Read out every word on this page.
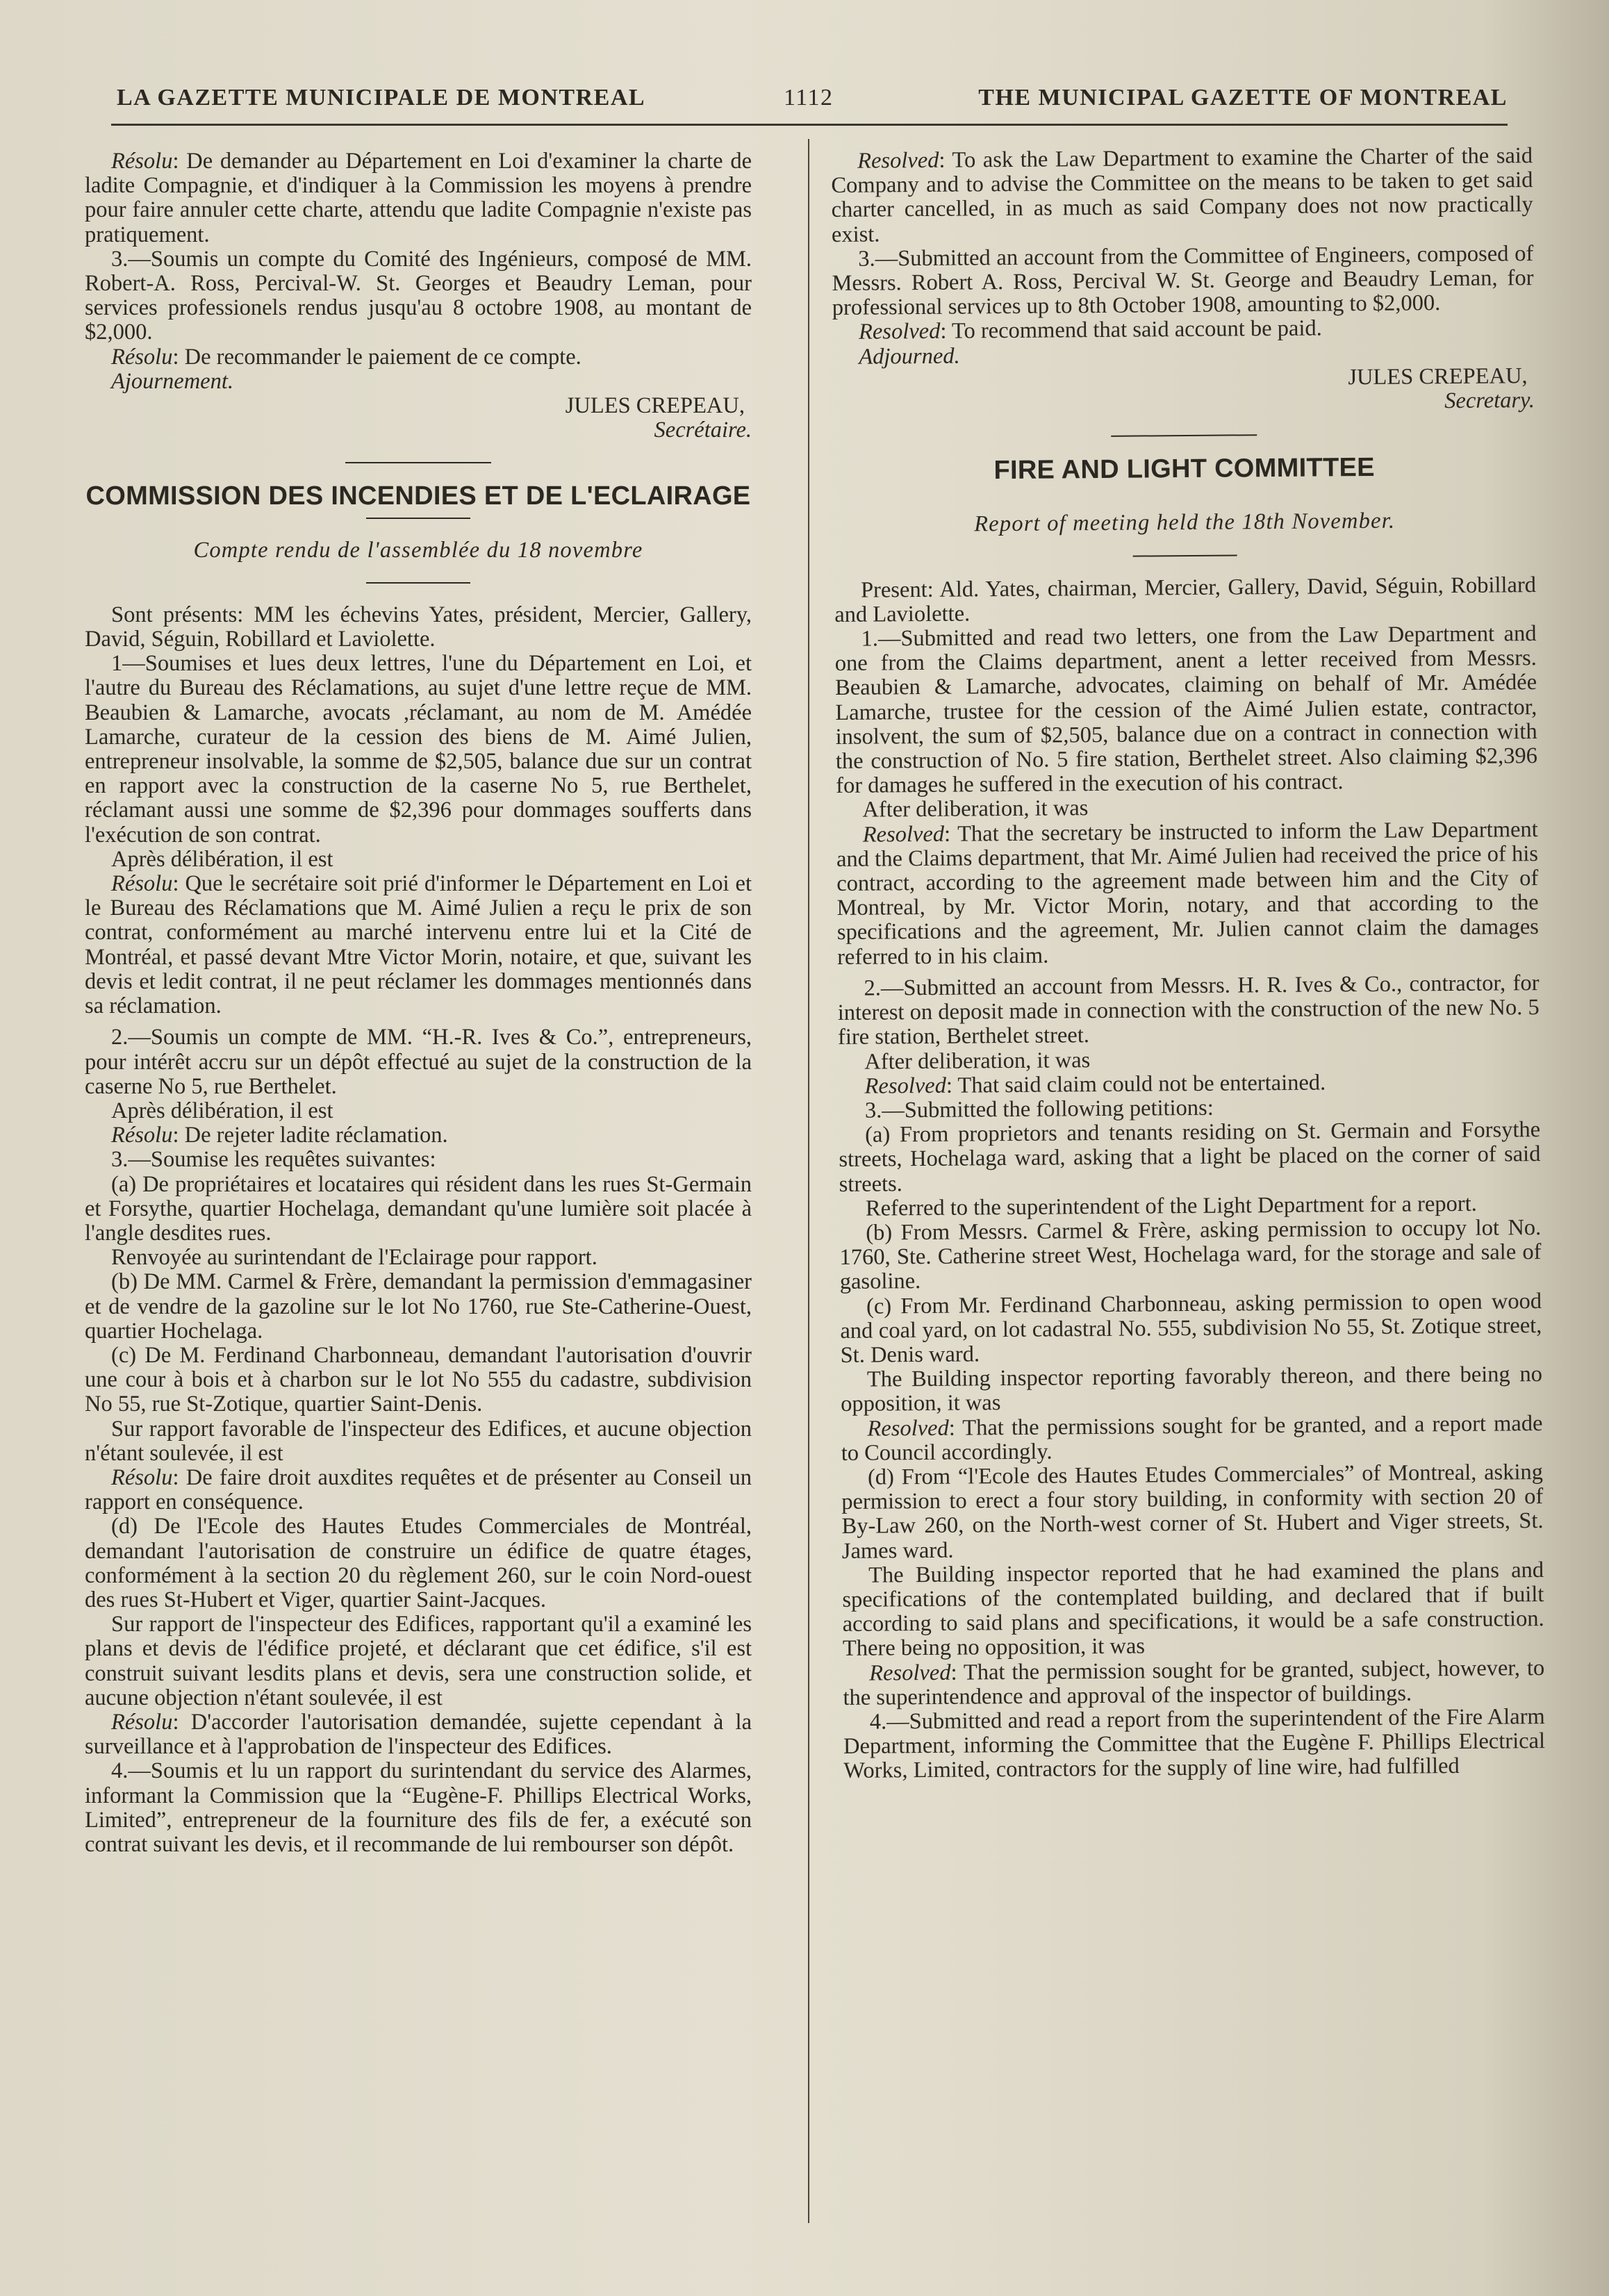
LA GAZETTE MUNICIPALE DE MONTREAL	1112	THE MUNICIPAL GAZETTE OF MONTREAL

Résolu: De demander au Département en Loi d'examiner la charte de ladite Compagnie, et d'indiquer à la Commission les moyens à prendre pour faire annuler cette charte, attendu que ladite Compagnie n'existe pas pratiquement.

3.—Soumis un compte du Comité des Ingénieurs, composé de MM. Robert-A. Ross, Percival-W. St. Georges et Beaudry Leman, pour services professionels rendus jusqu'au 8 octobre 1908, au montant de $2,000.

Résolu: De recommander le paiement de ce compte.

Ajournement.

JULES CREPEAU,

Secrétaire.

COMMISSION DES INCENDIES ET DE L'ECLAIRAGE
Compte rendu de l'assemblée du 18 novembre

Sont présents: MM les échevins Yates, président, Mercier, Gallery, David, Séguin, Robillard et Laviolette.

1—Soumises et lues deux lettres, l'une du Département en Loi, et l'autre du Bureau des Réclamations, au sujet d'une lettre reçue de MM. Beaubien & Lamarche, avocats ,réclamant, au nom de M. Amédée Lamarche, curateur de la cession des biens de M. Aimé Julien, entrepreneur insolvable, la somme de $2,505, balance due sur un contrat en rapport avec la construction de la caserne No 5, rue Berthelet, réclamant aussi une somme de $2,396 pour dommages soufferts dans l'exécution de son contrat.

Après délibération, il est

Résolu: Que le secrétaire soit prié d'informer le Département en Loi et le Bureau des Réclamations que M. Aimé Julien a reçu le prix de son contrat, conformément au marché intervenu entre lui et la Cité de Montréal, et passé devant Mtre Victor Morin, notaire, et que, suivant les devis et ledit contrat, il ne peut réclamer les dommages mentionnés dans sa réclamation.

2.—Soumis un compte de MM. “H.-R. Ives & Co.”, entrepreneurs, pour intérêt accru sur un dépôt effectué au sujet de la construction de la caserne No 5, rue Berthelet.

Après délibération, il est

Résolu: De rejeter ladite réclamation.

3.—Soumise les requêtes suivantes:

(a) De propriétaires et locataires qui résident dans les rues St-Germain et Forsythe, quartier Hochelaga, demandant qu'une lumière soit placée à l'angle desdites rues.

Renvoyée au surintendant de l'Eclairage pour rapport.

(b) De MM. Carmel & Frère, demandant la permission d'emmagasiner et de vendre de la gazoline sur le lot No 1760, rue Ste-Catherine-Ouest, quartier Hochelaga.

(c) De M. Ferdinand Charbonneau, demandant l'autorisation d'ouvrir une cour à bois et à charbon sur le lot No 555 du cadastre, subdivision No 55, rue St-Zotique, quartier Saint-Denis.

Sur rapport favorable de l'inspecteur des Edifices, et aucune objection n'étant soulevée, il est

Résolu: De faire droit auxdites requêtes et de présenter au Conseil un rapport en conséquence.

(d) De l'Ecole des Hautes Etudes Commerciales de Montréal, demandant l'autorisation de construire un édifice de quatre étages, conformément à la section 20 du règlement 260, sur le coin Nord-ouest des rues St-Hubert et Viger, quartier Saint-Jacques.

Sur rapport de l'inspecteur des Edifices, rapportant qu'il a examiné les plans et devis de l'édifice projeté, et déclarant que cet édifice, s'il est construit suivant lesdits plans et devis, sera une construction solide, et aucune objection n'étant soulevée, il est

Résolu: D'accorder l'autorisation demandée, sujette cependant à la surveillance et à l'approbation de l'inspecteur des Edifices.

4.—Soumis et lu un rapport du surintendant du service des Alarmes, informant la Commission que la “Eugène-F. Phillips Electrical Works, Limited”, entrepreneur de la fourniture des fils de fer, a exécuté son contrat suivant les devis, et il recommande de lui rembourser son dépôt.

Resolved: To ask the Law Department to examine the Charter of the said Company and to advise the Committee on the means to be taken to get said charter cancelled, in as much as said Company does not now practically exist.

3.—Submitted an account from the Committee of Engineers, composed of Messrs. Robert A. Ross, Percival W. St. George and Beaudry Leman, for professional services up to 8th October 1908, amounting to $2,000.

Resolved: To recommend that said account be paid.

Adjourned.

JULES CREPEAU,

Secretary.

FIRE AND LIGHT COMMITTEE
Report of meeting held the 18th November.

Present: Ald. Yates, chairman, Mercier, Gallery, David, Séguin, Robillard and Laviolette.

1.—Submitted and read two letters, one from the Law Department and one from the Claims department, anent a letter received from Messrs. Beaubien & Lamarche, advocates, claiming on behalf of Mr. Amédée Lamarche, trustee for the cession of the Aimé Julien estate, contractor, insolvent, the sum of $2,505, balance due on a contract in connection with the construction of No. 5 fire station, Berthelet street. Also claiming $2,396 for damages he suffered in the execution of his contract.

After deliberation, it was

Resolved: That the secretary be instructed to inform the Law Department and the Claims department, that Mr. Aimé Julien had received the price of his contract, according to the agreement made between him and the City of Montreal, by Mr. Victor Morin, notary, and that according to the specifications and the agreement, Mr. Julien cannot claim the damages referred to in his claim.

2.—Submitted an account from Messrs. H. R. Ives & Co., contractor, for interest on deposit made in connection with the construction of the new No. 5 fire station, Berthelet street.

After deliberation, it was

Resolved: That said claim could not be entertained.

3.—Submitted the following petitions:

(a) From proprietors and tenants residing on St. Germain and Forsythe streets, Hochelaga ward, asking that a light be placed on the corner of said streets.

Referred to the superintendent of the Light Department for a report.

(b) From Messrs. Carmel & Frère, asking permission to occupy lot No. 1760, Ste. Catherine street West, Hochelaga ward, for the storage and sale of gasoline.

(c) From Mr. Ferdinand Charbonneau, asking permission to open wood and coal yard, on lot cadastral No. 555, subdivision No 55, St. Zotique street, St. Denis ward.

The Building inspector reporting favorably thereon, and there being no opposition, it was

Resolved: That the permissions sought for be granted, and a report made to Council accordingly.

(d) From “l'Ecole des Hautes Etudes Commerciales” of Montreal, asking permission to erect a four story building, in conformity with section 20 of By-Law 260, on the North-west corner of St. Hubert and Viger streets, St. James ward.

The Building inspector reported that he had examined the plans and specifications of the contemplated building, and declared that if built according to said plans and specifications, it would be a safe construction. There being no opposition, it was

Resolved: That the permission sought for be granted, subject, however, to the superintendence and approval of the inspector of buildings.

4.—Submitted and read a report from the superintendent of the Fire Alarm Department, informing the Committee that the Eugène F. Phillips Electrical Works, Limited, contractors for the supply of line wire, had fulfilled
